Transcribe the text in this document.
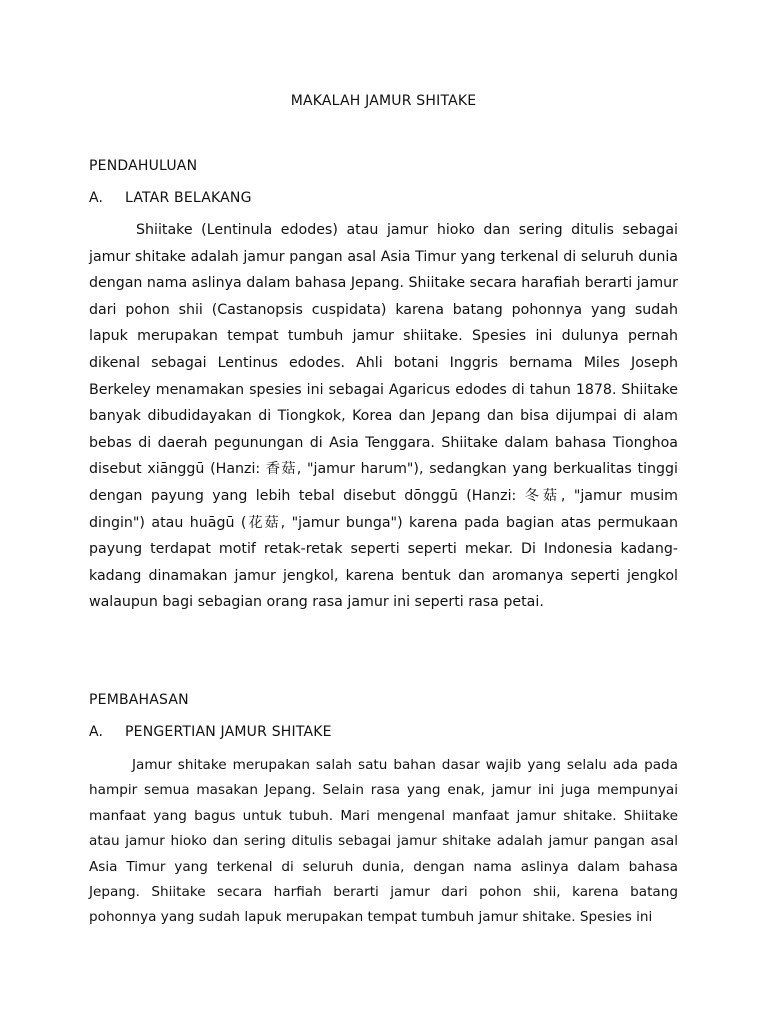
MAKALAH JAMUR SHITAKE
PENDAHULUAN
A. LATAR BELAKANG

Shiitake (Lentinula edodes) atau jamur hioko dan sering ditulis sebagai jamur shitake adalah jamur pangan asal Asia Timur yang terkenal di seluruh dunia dengan nama aslinya dalam bahasa Jepang. Shiitake secara harafiah berarti jamur dari pohon shii (Castanopsis cuspidata) karena batang pohonnya yang sudah lapuk merupakan tempat tumbuh jamur shiitake. Spesies ini dulunya pernah dikenal sebagai Lentinus edodes. Ahli botani Inggris bernama Miles Joseph Berkeley menamakan spesies ini sebagai Agaricus edodes di tahun 1878. Shiitake banyak dibudidayakan di Tiongkok, Korea dan Jepang dan bisa dijumpai di alam bebas di daerah pegunungan di Asia Tenggara. Shiitake dalam bahasa Tionghoa disebut xiānggū (Hanzi: 香菇, "jamur harum"), sedangkan yang berkualitas tinggi dengan payung yang lebih tebal disebut dōnggū (Hanzi: 冬菇, "jamur musim dingin") atau huāgū (花菇, "jamur bunga") karena pada bagian atas permukaan payung terdapat motif retak-retak seperti seperti mekar. Di Indonesia kadang-kadang dinamakan jamur jengkol, karena bentuk dan aromanya seperti jengkol walaupun bagi sebagian orang rasa jamur ini seperti rasa petai.

PEMBAHASAN
A. PENGERTIAN JAMUR SHITAKE

Jamur shitake merupakan salah satu bahan dasar wajib yang selalu ada pada hampir semua masakan Jepang. Selain rasa yang enak, jamur ini juga mempunyai manfaat yang bagus untuk tubuh. Mari mengenal manfaat jamur shitake. Shiitake atau jamur hioko dan sering ditulis sebagai jamur shitake adalah jamur pangan asal Asia Timur yang terkenal di seluruh dunia, dengan nama aslinya dalam bahasa Jepang. Shiitake secara harfiah berarti jamur dari pohon shii, karena batang pohonnya yang sudah lapuk merupakan tempat tumbuh jamur shitake. Spesies ini
